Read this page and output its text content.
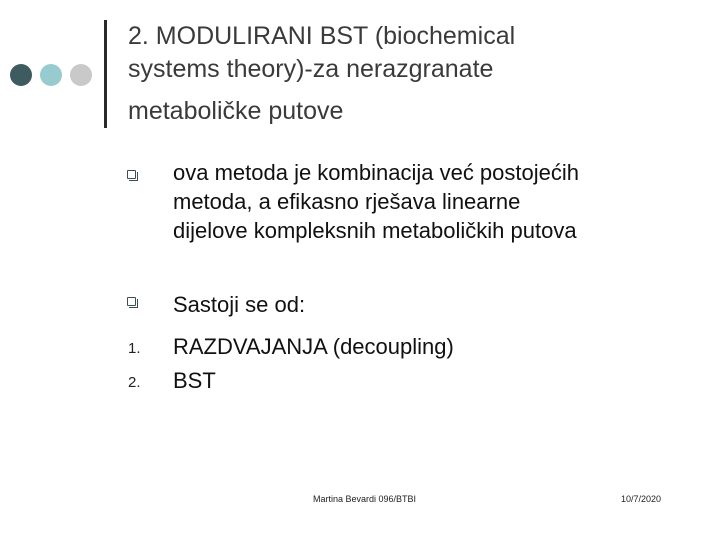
2. MODULIRANI BST (biochemical
systems theory)-za nerazgranate
metaboličke putove
ova metoda je kombinacija već postojećih
metoda, a efikasno rješava linearne
dijelove kompleksnih metaboličkih putova
Sastoji se od:
1. RAZDVAJANJA (decoupling)
2. BST
Martina Bevardi 096/BTBI	10/7/2020
